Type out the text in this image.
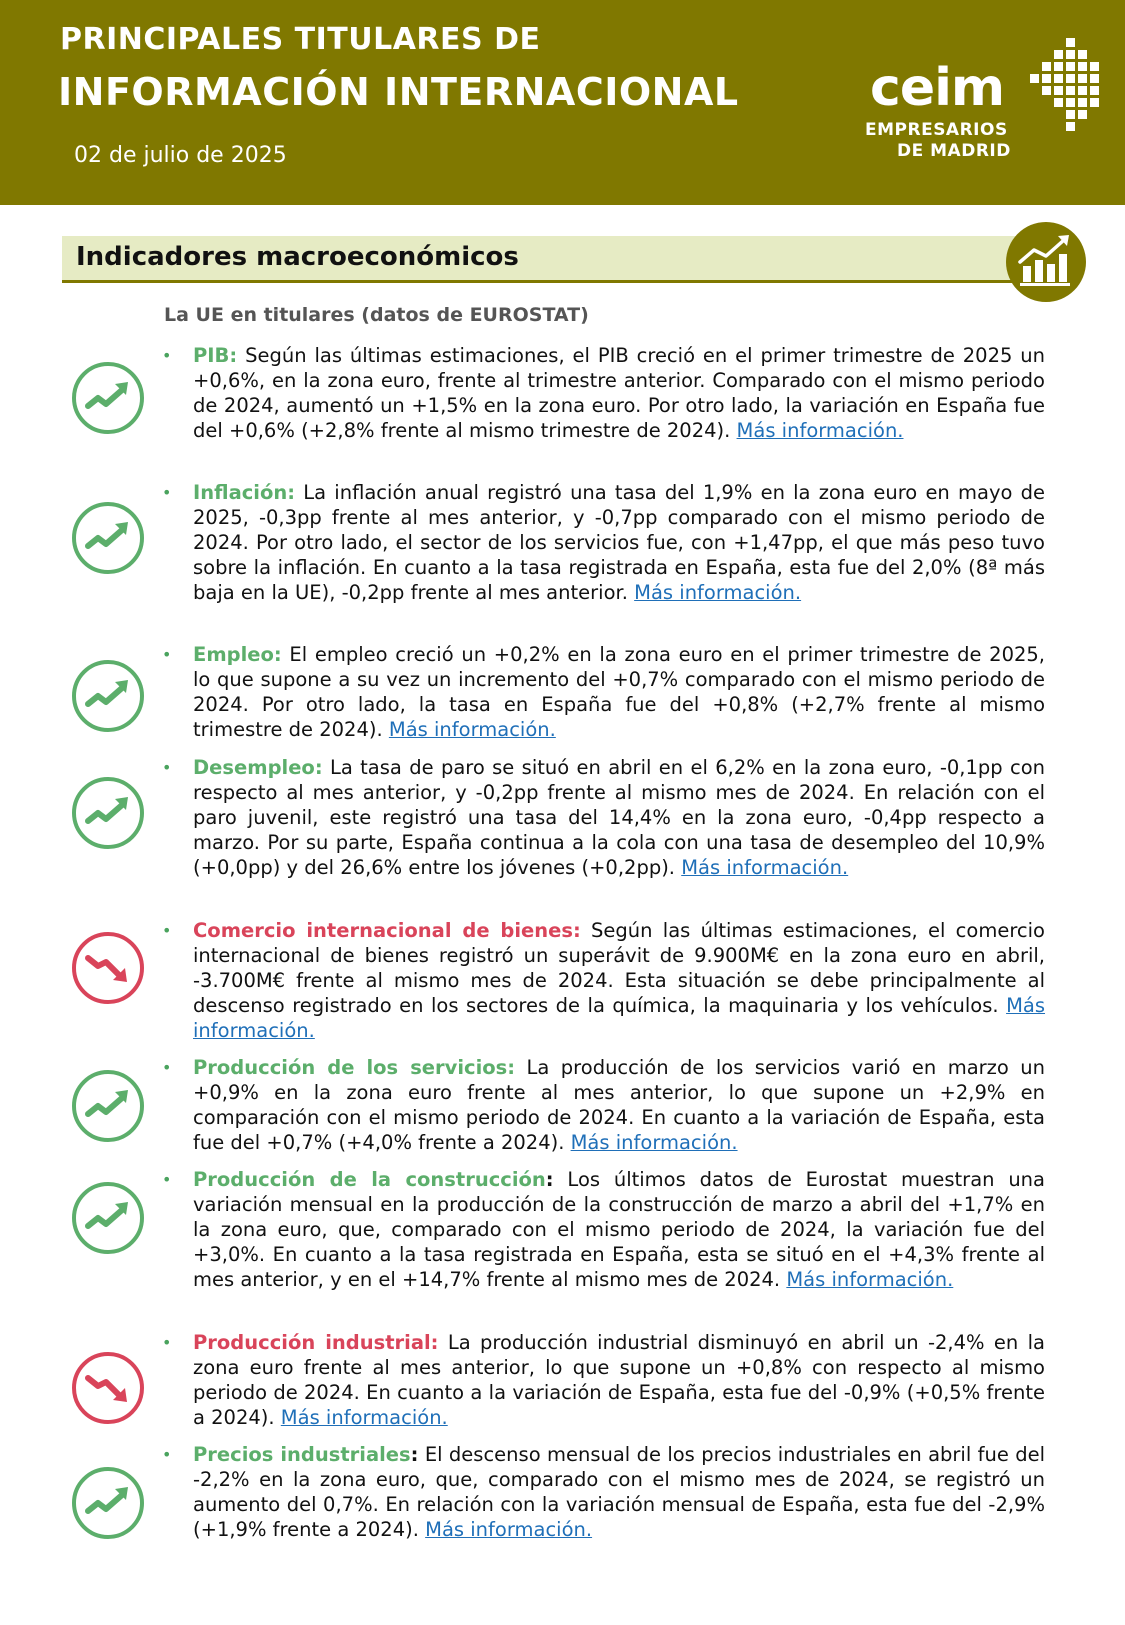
PRINCIPALES TITULARES DE
INFORMACIÓN INTERNACIONAL
02 de julio de 2025
ceim
EMPRESARIOS
DE MADRID
Indicadores macroeconómicos
La UE en titulares (datos de EUROSTAT)
• PIB: Según las últimas estimaciones, el PIB creció en el primer trimestre de 2025 un +0,6%, en la zona euro, frente al trimestre anterior. Comparado con el mismo periodo de 2024, aumentó un +1,5% en la zona euro. Por otro lado, la variación en España fue del +0,6% (+2,8% frente al mismo trimestre de 2024). Más información.
• Inflación: La inflación anual registró una tasa del 1,9% en la zona euro en mayo de 2025, -0,3pp frente al mes anterior, y -0,7pp comparado con el mismo periodo de 2024. Por otro lado, el sector de los servicios fue, con +1,47pp, el que más peso tuvo sobre la inflación. En cuanto a la tasa registrada en España, esta fue del 2,0% (8ª más baja en la UE), -0,2pp frente al mes anterior. Más información.
• Empleo: El empleo creció un +0,2% en la zona euro en el primer trimestre de 2025, lo que supone a su vez un incremento del +0,7% comparado con el mismo periodo de 2024. Por otro lado, la tasa en España fue del +0,8% (+2,7% frente al mismo trimestre de 2024). Más información.
• Desempleo: La tasa de paro se situó en abril en el 6,2% en la zona euro, -0,1pp con respecto al mes anterior, y -0,2pp frente al mismo mes de 2024. En relación con el paro juvenil, este registró una tasa del 14,4% en la zona euro, -0,4pp respecto a marzo. Por su parte, España continua a la cola con una tasa de desempleo del 10,9% (+0,0pp) y del 26,6% entre los jóvenes (+0,2pp). Más información.
• Comercio internacional de bienes: Según las últimas estimaciones, el comercio internacional de bienes registró un superávit de 9.900M€ en la zona euro en abril, -3.700M€ frente al mismo mes de 2024. Esta situación se debe principalmente al descenso registrado en los sectores de la química, la maquinaria y los vehículos. Más información.
• Producción de los servicios: La producción de los servicios varió en marzo un +0,9% en la zona euro frente al mes anterior, lo que supone un +2,9% en comparación con el mismo periodo de 2024. En cuanto a la variación de España, esta fue del +0,7% (+4,0% frente a 2024). Más información.
• Producción de la construcción: Los últimos datos de Eurostat muestran una variación mensual en la producción de la construcción de marzo a abril del +1,7% en la zona euro, que, comparado con el mismo periodo de 2024, la variación fue del +3,0%. En cuanto a la tasa registrada en España, esta se situó en el +4,3% frente al mes anterior, y en el +14,7% frente al mismo mes de 2024. Más información.
• Producción industrial: La producción industrial disminuyó en abril un -2,4% en la zona euro frente al mes anterior, lo que supone un +0,8% con respecto al mismo periodo de 2024. En cuanto a la variación de España, esta fue del -0,9% (+0,5% frente a 2024). Más información.
• Precios industriales: El descenso mensual de los precios industriales en abril fue del -2,2% en la zona euro, que, comparado con el mismo mes de 2024, se registró un aumento del 0,7%. En relación con la variación mensual de España, esta fue del -2,9% (+1,9% frente a 2024). Más información.
